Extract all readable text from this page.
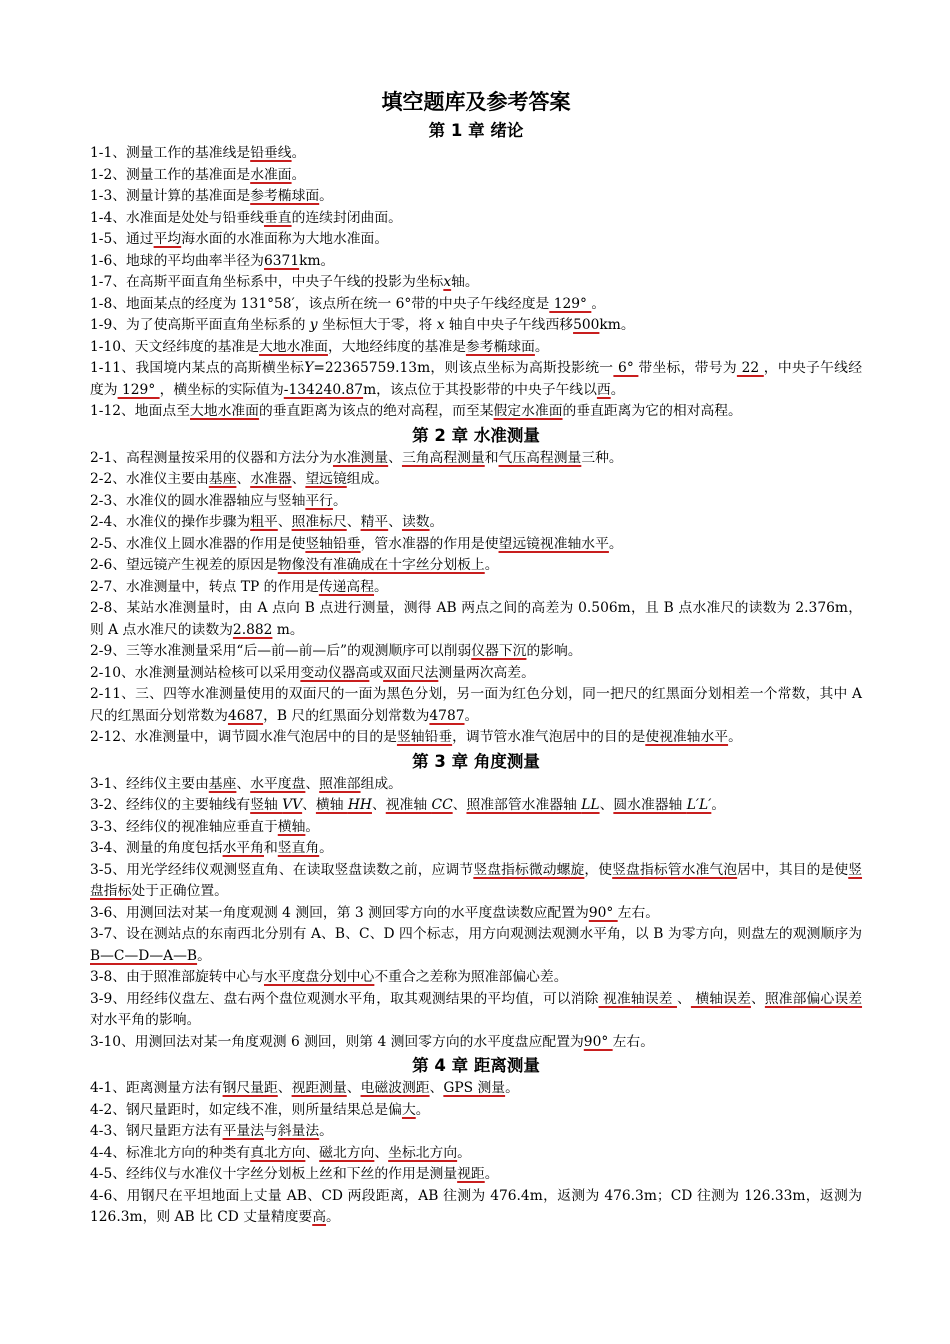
填空题库及参考答案
第 1 章 绪论

1-1、测量工作的基准线是铅垂线。

1-2、测量工作的基准面是水准面。

1-3、测量计算的基准面是参考椭球面。

1-4、水准面是处处与铅垂线垂直的连续封闭曲面。

1-5、通过平均海水面的水准面称为大地水准面。

1-6、地球的平均曲率半径为6371km。

1-7、在高斯平面直角坐标系中，中央子午线的投影为坐标x轴。

1-8、地面某点的经度为 131°58′，该点所在统一 6°带的中央子午线经度是 129° 。

1-9、为了使高斯平面直角坐标系的 y 坐标恒大于零，将 x 轴自中央子午线西移500km。

1-10、天文经纬度的基准是大地水准面，大地经纬度的基准是参考椭球面。

1-11、我国境内某点的高斯横坐标Y=22365759.13m，则该点坐标为高斯投影统一 6° 带坐标，带号为 22 ，中央子午线经度为 129° ，横坐标的实际值为-134240.87m，该点位于其投影带的中央子午线以西。

1-12、地面点至大地水准面的垂直距离为该点的绝对高程，而至某假定水准面的垂直距离为它的相对高程。

第 2 章 水准测量

2-1、高程测量按采用的仪器和方法分为水准测量、三角高程测量和气压高程测量三种。

2-2、水准仪主要由基座、水准器、望远镜组成。

2-3、水准仪的圆水准器轴应与竖轴平行。

2-4、水准仪的操作步骤为粗平、照准标尺、精平、读数。

2-5、水准仪上圆水准器的作用是使竖轴铅垂，管水准器的作用是使望远镜视准轴水平。

2-6、望远镜产生视差的原因是物像没有准确成在十字丝分划板上。

2-7、水准测量中，转点 TP 的作用是传递高程。

2-8、某站水准测量时，由 A 点向 B 点进行测量，测得 AB 两点之间的高差为 0.506m，且 B 点水准尺的读数为 2.376m，则 A 点水准尺的读数为2.882 m。

2-9、三等水准测量采用“后—前—前—后”的观测顺序可以削弱仪器下沉的影响。

2-10、水准测量测站检核可以采用变动仪器高或双面尺法测量两次高差。

2-11、三、四等水准测量使用的双面尺的一面为黑色分划，另一面为红色分划，同一把尺的红黑面分划相差一个常数，其中 A 尺的红黑面分划常数为4687，B 尺的红黑面分划常数为4787。

2-12、水准测量中，调节圆水准气泡居中的目的是竖轴铅垂，调节管水准气泡居中的目的是使视准轴水平。

第 3 章 角度测量

3-1、经纬仪主要由基座、水平度盘、照准部组成。

3-2、经纬仪的主要轴线有竖轴 VV、横轴 HH、视准轴 CC、照准部管水准器轴 LL、圆水准器轴 L′L′。

3-3、经纬仪的视准轴应垂直于横轴。

3-4、测量的角度包括水平角和竖直角。

3-5、用光学经纬仪观测竖直角、在读取竖盘读数之前，应调节竖盘指标微动螺旋，使竖盘指标管水准气泡居中，其目的是使竖盘指标处于正确位置。

3-6、用测回法对某一角度观测 4 测回，第 3 测回零方向的水平度盘读数应配置为90° 左右。

3-7、设在测站点的东南西北分别有 A、B、C、D 四个标志，用方向观测法观测水平角，以 B 为零方向，则盘左的观测顺序为B—C—D—A—B。

3-8、由于照准部旋转中心与水平度盘分划中心不重合之差称为照准部偏心差。

3-9、用经纬仪盘左、盘右两个盘位观测水平角，取其观测结果的平均值，可以消除 视准轴误差 、 横轴误差、照准部偏心误差对水平角的影响。

3-10、用测回法对某一角度观测 6 测回，则第 4 测回零方向的水平度盘应配置为90° 左右。

第 4 章 距离测量

4-1、距离测量方法有钢尺量距、视距测量、电磁波测距、GPS 测量。

4-2、钢尺量距时，如定线不准，则所量结果总是偏大。

4-3、钢尺量距方法有平量法与斜量法。

4-4、标准北方向的种类有真北方向、磁北方向、坐标北方向。

4-5、经纬仪与水准仪十字丝分划板上丝和下丝的作用是测量视距。

4-6、用钢尺在平坦地面上丈量 AB、CD 两段距离，AB 往测为 476.4m，返测为 476.3m；CD 往测为 126.33m，返测为 126.3m，则 AB 比 CD 丈量精度要高。
